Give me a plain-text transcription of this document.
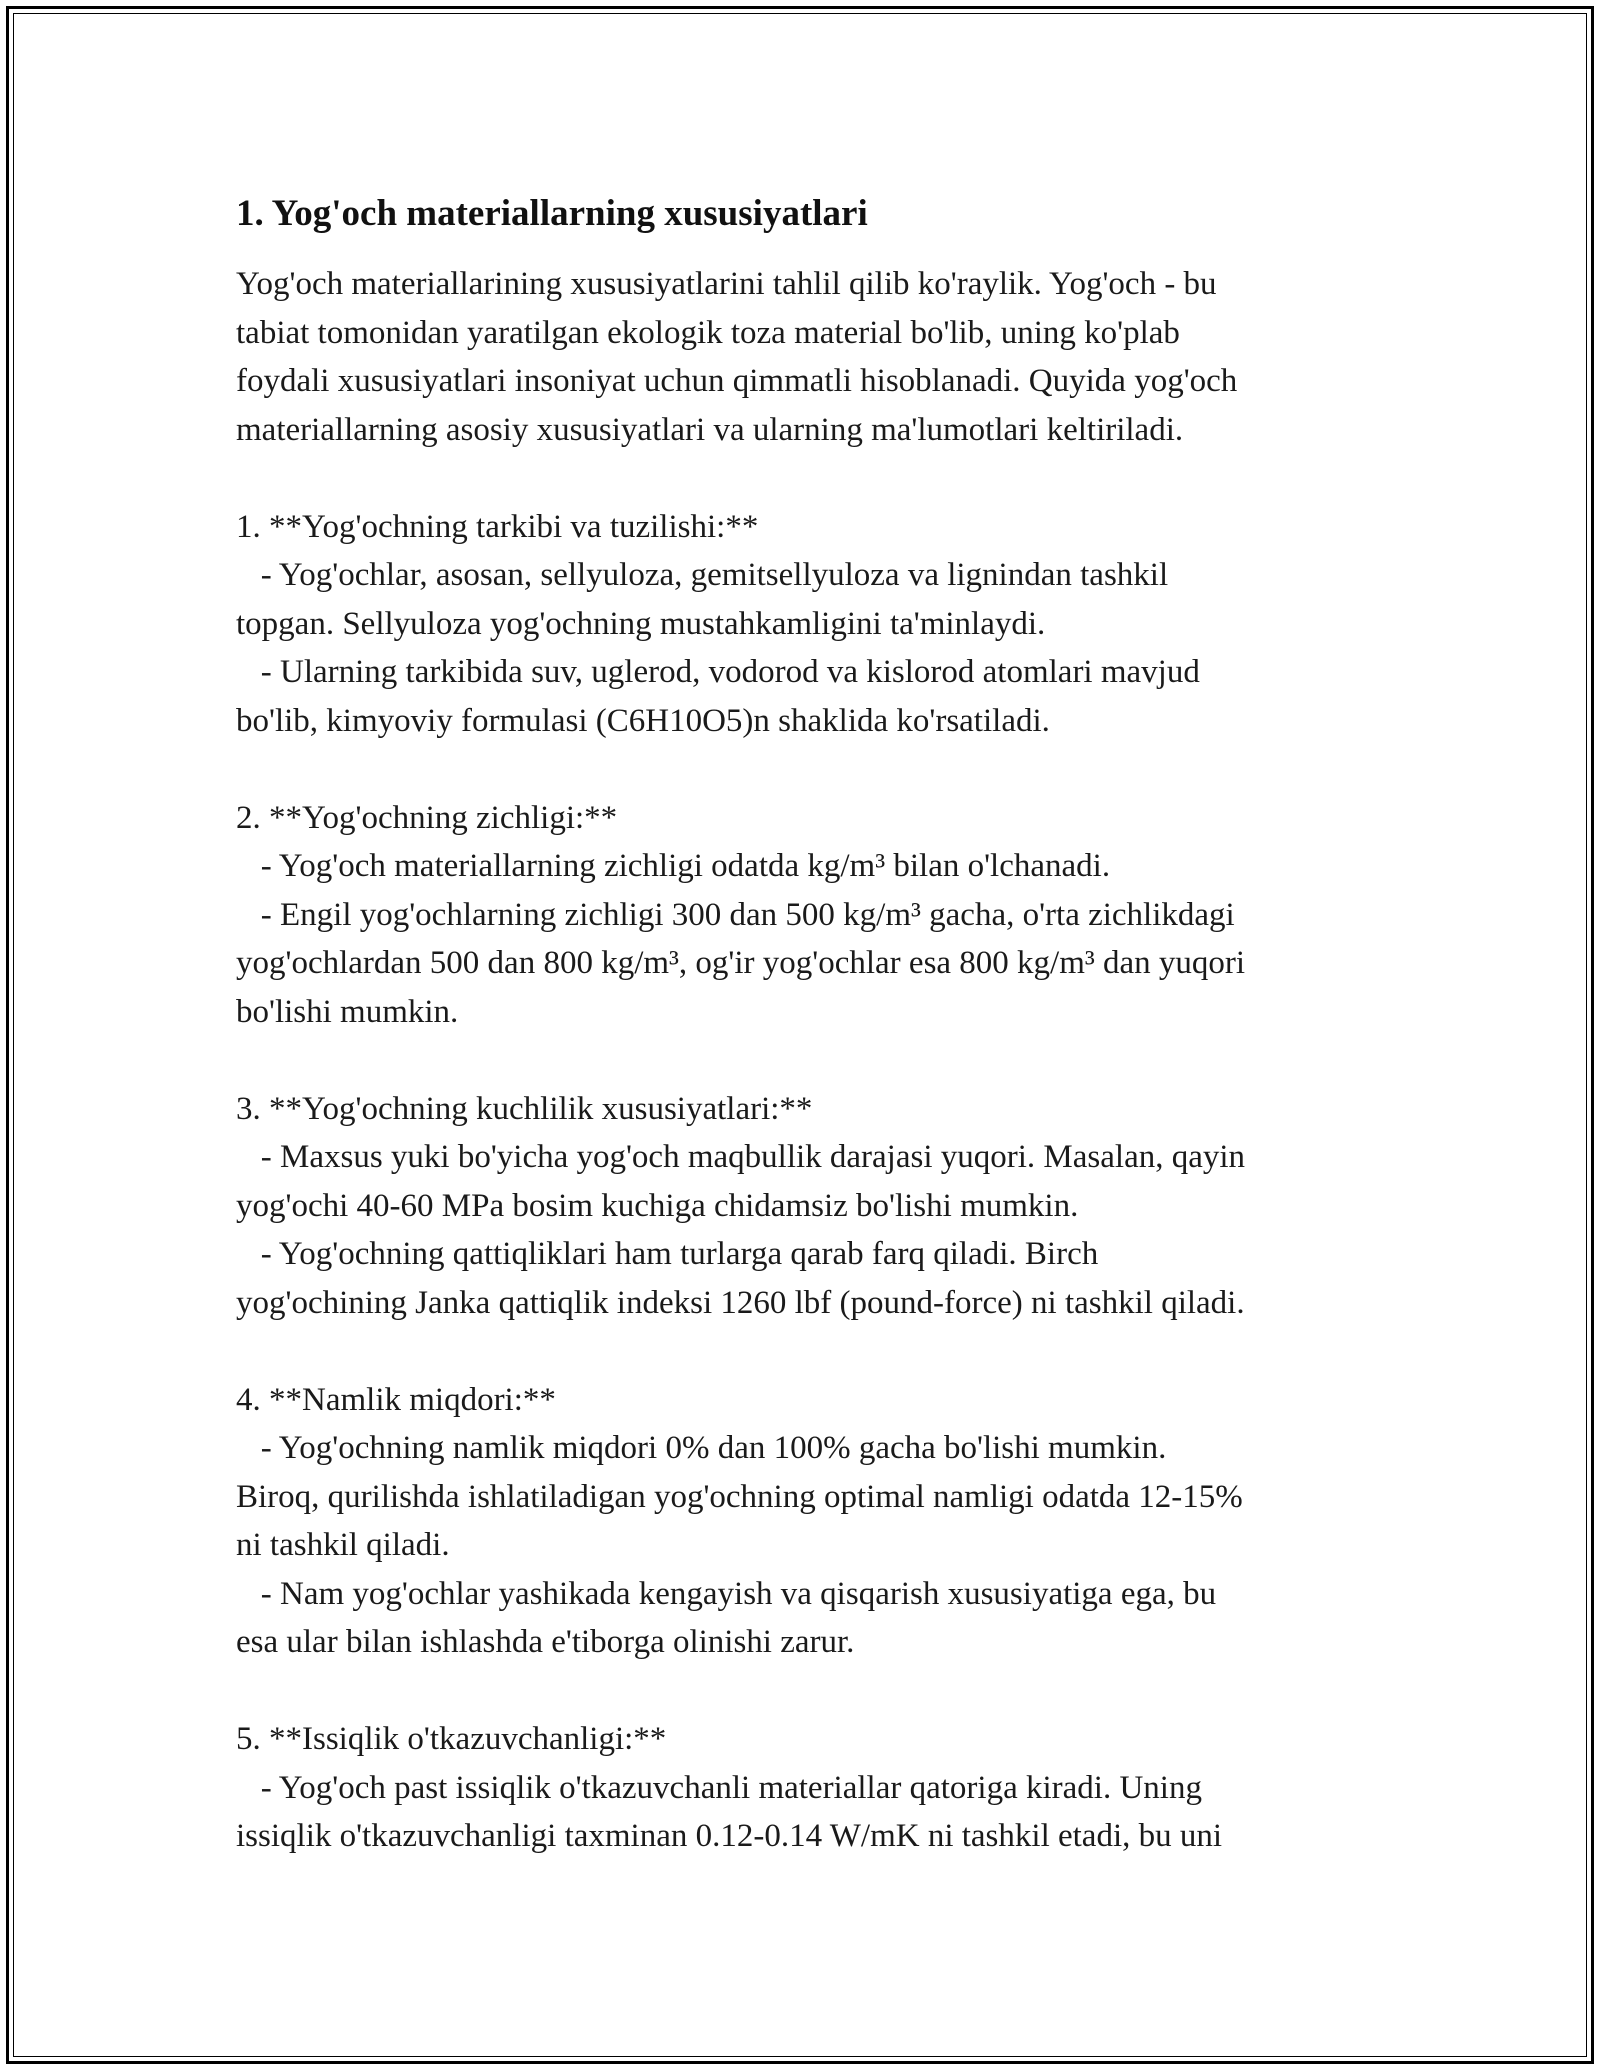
1. Yog'och materiallarning xususiyatlari
Yog'och materiallarining xususiyatlarini tahlil qilib ko'raylik. Yog'och - bu
tabiat tomonidan yaratilgan ekologik toza material bo'lib, uning ko'plab
foydali xususiyatlari insoniyat uchun qimmatli hisoblanadi. Quyida yog'och
materiallarning asosiy xususiyatlari va ularning ma'lumotlari keltiriladi.
1. **Yog'ochning tarkibi va tuzilishi:**
- Yog'ochlar, asosan, sellyuloza, gemitsellyuloza va lignindan tashkil
topgan. Sellyuloza yog'ochning mustahkamligini ta'minlaydi.
- Ularning tarkibida suv, uglerod, vodorod va kislorod atomlari mavjud
bo'lib, kimyoviy formulasi (C6H10O5)n shaklida ko'rsatiladi.
2. **Yog'ochning zichligi:**
- Yog'och materiallarning zichligi odatda kg/m³ bilan o'lchanadi.
- Engil yog'ochlarning zichligi 300 dan 500 kg/m³ gacha, o'rta zichlikdagi
yog'ochlardan 500 dan 800 kg/m³, og'ir yog'ochlar esa 800 kg/m³ dan yuqori
bo'lishi mumkin.
3. **Yog'ochning kuchlilik xususiyatlari:**
- Maxsus yuki bo'yicha yog'och maqbullik darajasi yuqori. Masalan, qayin
yog'ochi 40-60 MPa bosim kuchiga chidamsiz bo'lishi mumkin.
- Yog'ochning qattiqliklari ham turlarga qarab farq qiladi. Birch
yog'ochining Janka qattiqlik indeksi 1260 lbf (pound-force) ni tashkil qiladi.
4. **Namlik miqdori:**
- Yog'ochning namlik miqdori 0% dan 100% gacha bo'lishi mumkin.
Biroq, qurilishda ishlatiladigan yog'ochning optimal namligi odatda 12-15%
ni tashkil qiladi.
- Nam yog'ochlar yashikada kengayish va qisqarish xususiyatiga ega, bu
esa ular bilan ishlashda e'tiborga olinishi zarur.
5. **Issiqlik o'tkazuvchanligi:**
- Yog'och past issiqlik o'tkazuvchanli materiallar qatoriga kiradi. Uning
issiqlik o'tkazuvchanligi taxminan 0.12-0.14 W/mK ni tashkil etadi, bu uni
